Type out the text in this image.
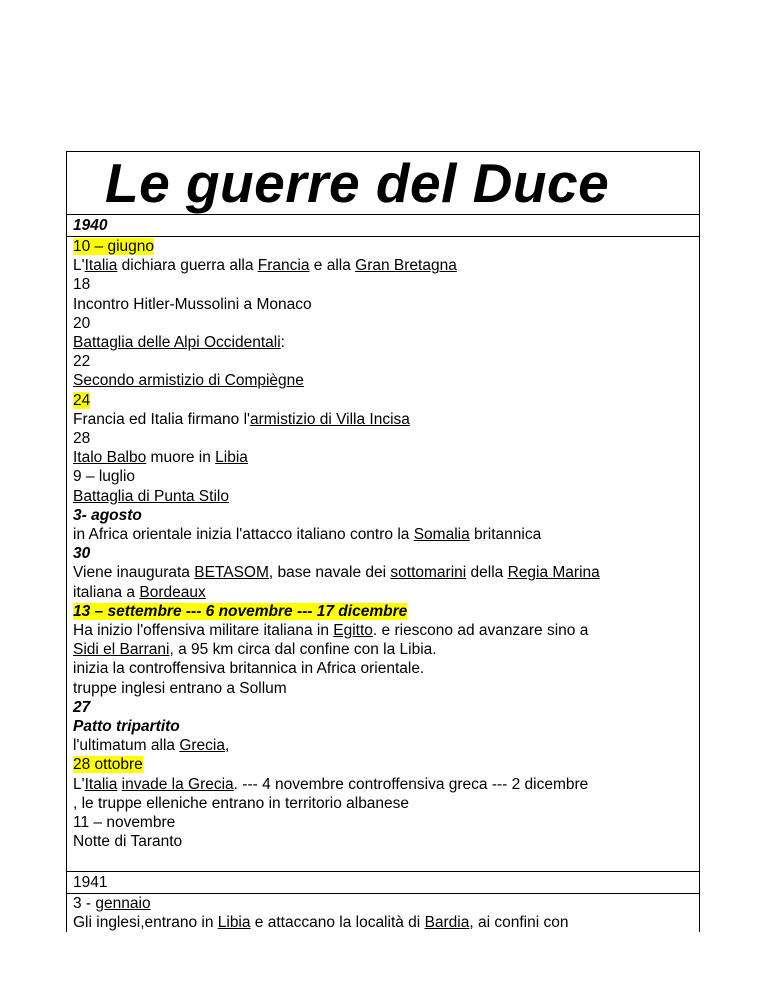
Le guerre del Duce
1940
10 – giugno
L'Italia dichiara guerra alla Francia e alla Gran Bretagna
18
Incontro Hitler-Mussolini a Monaco
20
Battaglia delle Alpi Occidentali:
22
Secondo armistizio di Compiègne
24
Francia ed Italia firmano l'armistizio di Villa Incisa
28
Italo Balbo muore in Libia
9 – luglio
Battaglia di Punta Stilo
3- agosto
in Africa orientale inizia l'attacco italiano contro la Somalia britannica
30
Viene inaugurata BETASOM, base navale dei sottomarini della Regia Marina
italiana a Bordeaux
13 – settembre --- 6 novembre --- 17 dicembre
Ha inizio l'offensiva militare italiana in Egitto. e riescono ad avanzare sino a
Sidi el Barrani, a 95 km circa dal confine con la Libia.
inizia la controffensiva britannica in Africa orientale.
truppe inglesi entrano a Sollum
27
Patto tripartito
l'ultimatum alla Grecia,
28 ottobre
L'Italia invade la Grecia. --- 4 novembre controffensiva greca --- 2 dicembre
, le truppe elleniche entrano in territorio albanese
11 – novembre
Notte di Taranto
1941
3 - gennaio
Gli inglesi,entrano in Libia e attaccano la località di Bardia, ai confini con
